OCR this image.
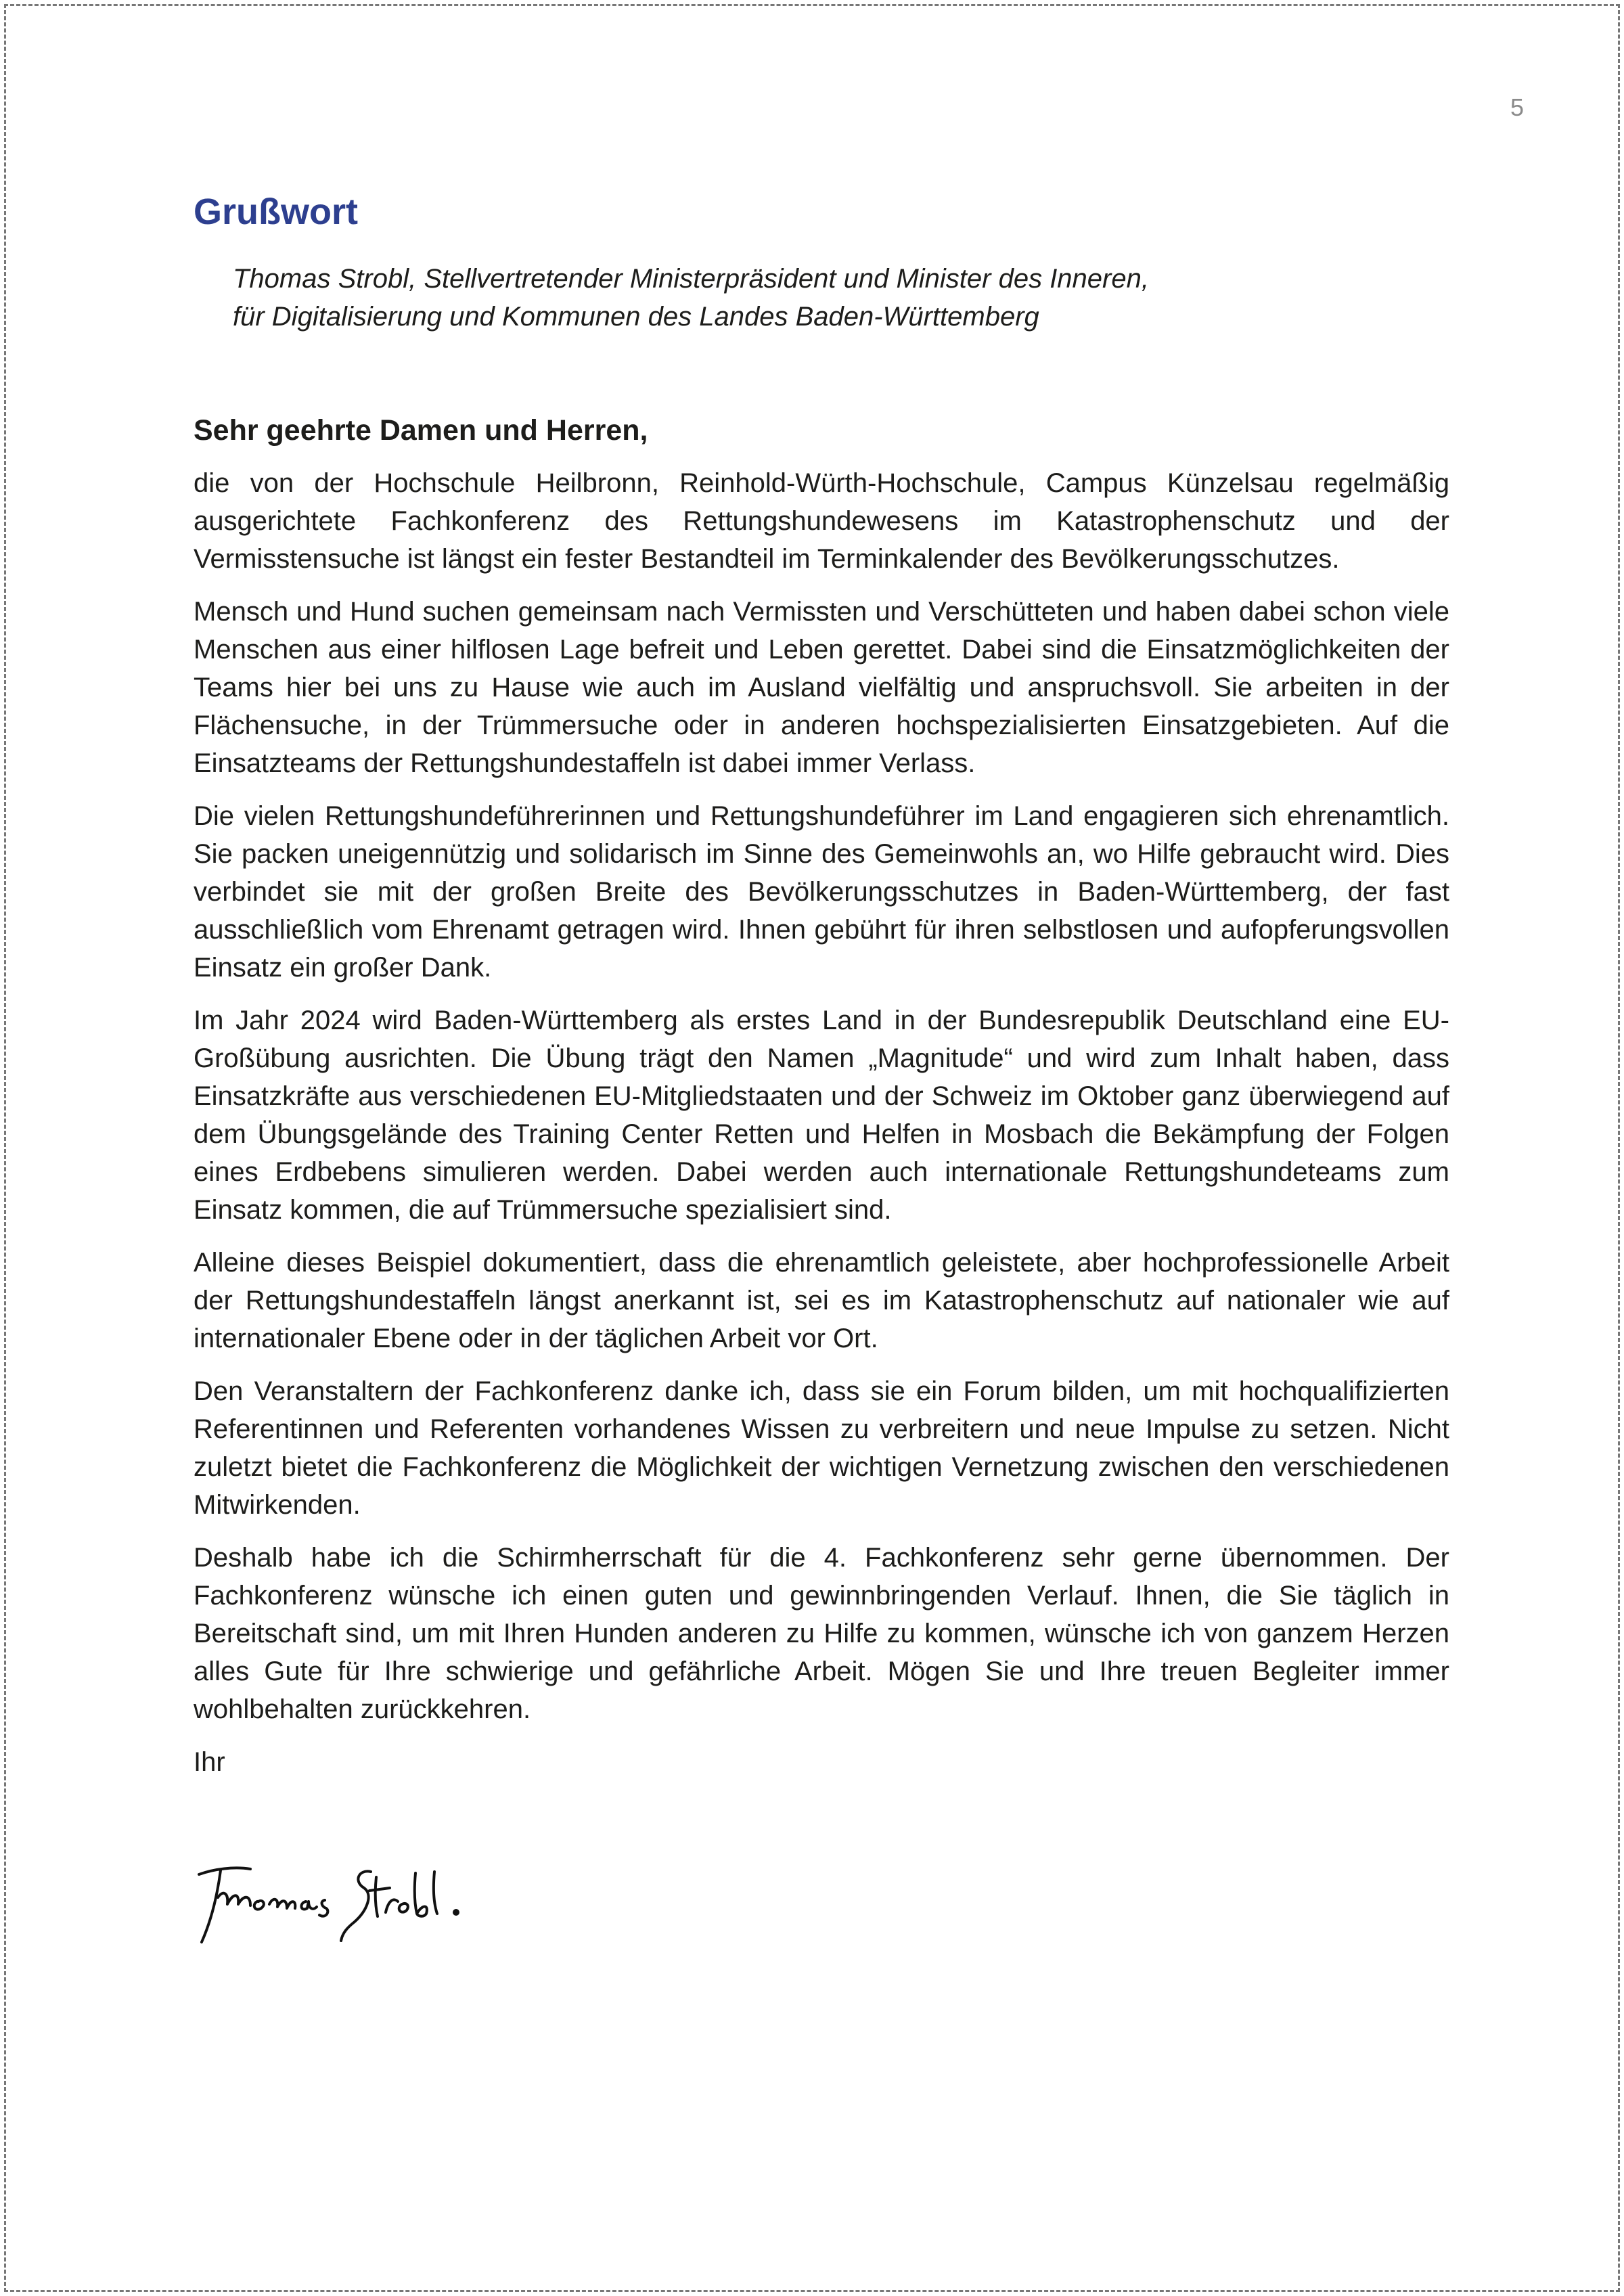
5
Grußwort
Thomas Strobl, Stellvertretender Ministerpräsident und Minister des Inneren,
für Digitalisierung und Kommunen des Landes Baden-Württemberg
Sehr geehrte Damen und Herren,

die von der Hochschule Heilbronn, Reinhold-Würth-Hochschule, Campus Künzelsau regelmäßig ausgerichtete Fachkonferenz des Rettungshundewesens im Katastrophenschutz und der Vermisstensuche ist längst ein fester Bestandteil im Terminkalender des Bevölkerungsschutzes.

Mensch und Hund suchen gemeinsam nach Vermissten und Verschütteten und haben dabei schon viele Menschen aus einer hilflosen Lage befreit und Leben gerettet. Dabei sind die Einsatzmöglichkeiten der Teams hier bei uns zu Hause wie auch im Ausland vielfältig und anspruchsvoll. Sie arbeiten in der Flächensuche, in der Trümmersuche oder in anderen hochspezialisierten Einsatzgebieten. Auf die Einsatzteams der Rettungshundestaffeln ist dabei immer Verlass.

Die vielen Rettungshundeführerinnen und Rettungshundeführer im Land engagieren sich ehrenamtlich. Sie packen uneigennützig und solidarisch im Sinne des Gemeinwohls an, wo Hilfe gebraucht wird. Dies verbindet sie mit der großen Breite des Bevölkerungsschutzes in Baden-Württemberg, der fast ausschließlich vom Ehrenamt getragen wird. Ihnen gebührt für ihren selbstlosen und aufopferungsvollen Einsatz ein großer Dank.

Im Jahr 2024 wird Baden-Württemberg als erstes Land in der Bundesrepublik Deutschland eine EU-Großübung ausrichten. Die Übung trägt den Namen „Magnitude“ und wird zum Inhalt haben, dass Einsatzkräfte aus verschiedenen EU-Mitgliedstaaten und der Schweiz im Oktober ganz überwiegend auf dem Übungsgelände des Training Center Retten und Helfen in Mosbach die Bekämpfung der Folgen eines Erdbebens simulieren werden. Dabei werden auch internationale Rettungshundeteams zum Einsatz kommen, die auf Trümmersuche spezialisiert sind.

Alleine dieses Beispiel dokumentiert, dass die ehrenamtlich geleistete, aber hochprofessionelle Arbeit der Rettungshundestaffeln längst anerkannt ist, sei es im Katastrophenschutz auf nationaler wie auf internationaler Ebene oder in der täglichen Arbeit vor Ort.

Den Veranstaltern der Fachkonferenz danke ich, dass sie ein Forum bilden, um mit hochqualifizierten Referentinnen und Referenten vorhandenes Wissen zu verbreitern und neue Impulse zu setzen. Nicht zuletzt bietet die Fachkonferenz die Möglichkeit der wichtigen Vernetzung zwischen den verschiedenen Mitwirkenden.

Deshalb habe ich die Schirmherrschaft für die 4. Fachkonferenz sehr gerne übernommen. Der Fachkonferenz wünsche ich einen guten und gewinnbringenden Verlauf. Ihnen, die Sie täglich in Bereitschaft sind, um mit Ihren Hunden anderen zu Hilfe zu kommen, wünsche ich von ganzem Herzen alles Gute für Ihre schwierige und gefährliche Arbeit. Mögen Sie und Ihre treuen Begleiter immer wohlbehalten zurückkehren.

Ihr
